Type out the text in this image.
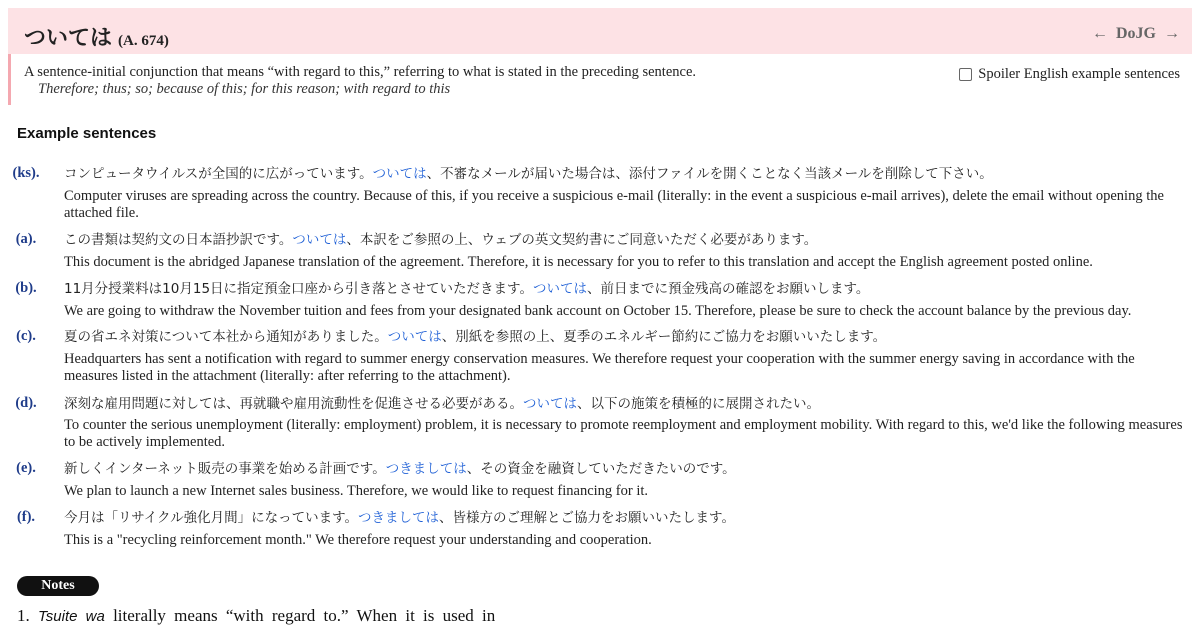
ついては (A. 674)	← DoJG →
A sentence-initial conjunction that means “with regard to this,” referring to what is stated in the preceding sentence.
Therefore; thus; so; because of this; for this reason; with regard to this
Spoiler English example sentences
Example sentences
(ks). コンピュータウイルスが全国的に広がっています。ついては、不審なメールが届いた場合は、添付ファイルを開くことなく当該メールを削除して下さい。
Computer viruses are spreading across the country. Because of this, if you receive a suspicious e-mail (literally: in the event a suspicious e-mail arrives), delete the email without opening the attached file.
(a).	この書類は契約文の日本語抄訳です。ついては、本訳をご参照の上、ウェブの英文契約書にご同意いただく必要があります。
This document is the abridged Japanese translation of the agreement. Therefore, it is necessary for you to refer to this translation and accept the English agreement posted online.
(b).	11月分授業料は10月15日に指定預金口座から引き落とさせていただきます。ついては、前日までに預金残高の確認をお願いします。
We are going to withdraw the November tuition and fees from your designated bank account on October 15. Therefore, please be sure to check the account balance by the previous day.
(c).	夏の省エネ対策について本社から通知がありました。ついては、別紙を参照の上、夏季のエネルギー節約にご協力をお願いいたします。
Headquarters has sent a notification with regard to summer energy conservation measures. We therefore request your cooperation with the summer energy saving in accordance with the measures listed in the attachment (literally: after referring to the attachment).
(d).	深刻な雇用問題に対しては、再就職や雇用流動性を促進させる必要がある。ついては、以下の施策を積極的に展開されたい。
To counter the serious unemployment (literally: employment) problem, it is necessary to promote reemployment and employment mobility. With regard to this, we'd like the following measures to be actively implemented.
(e).	新しくインターネット販売の事業を始める計画です。つきましては、その資金を融資していただきたいのです。
We plan to launch a new Internet sales business. Therefore, we would like to request financing for it.
(f).	今月は「リサイクル強化月間」になっています。つきましては、皆様方のご理解とご協力をお願いいたします。
This is a "recycling reinforcement month." We therefore request your understanding and cooperation.
Notes
1. Tsuite wa literally means “with regard to.” When it is used in
